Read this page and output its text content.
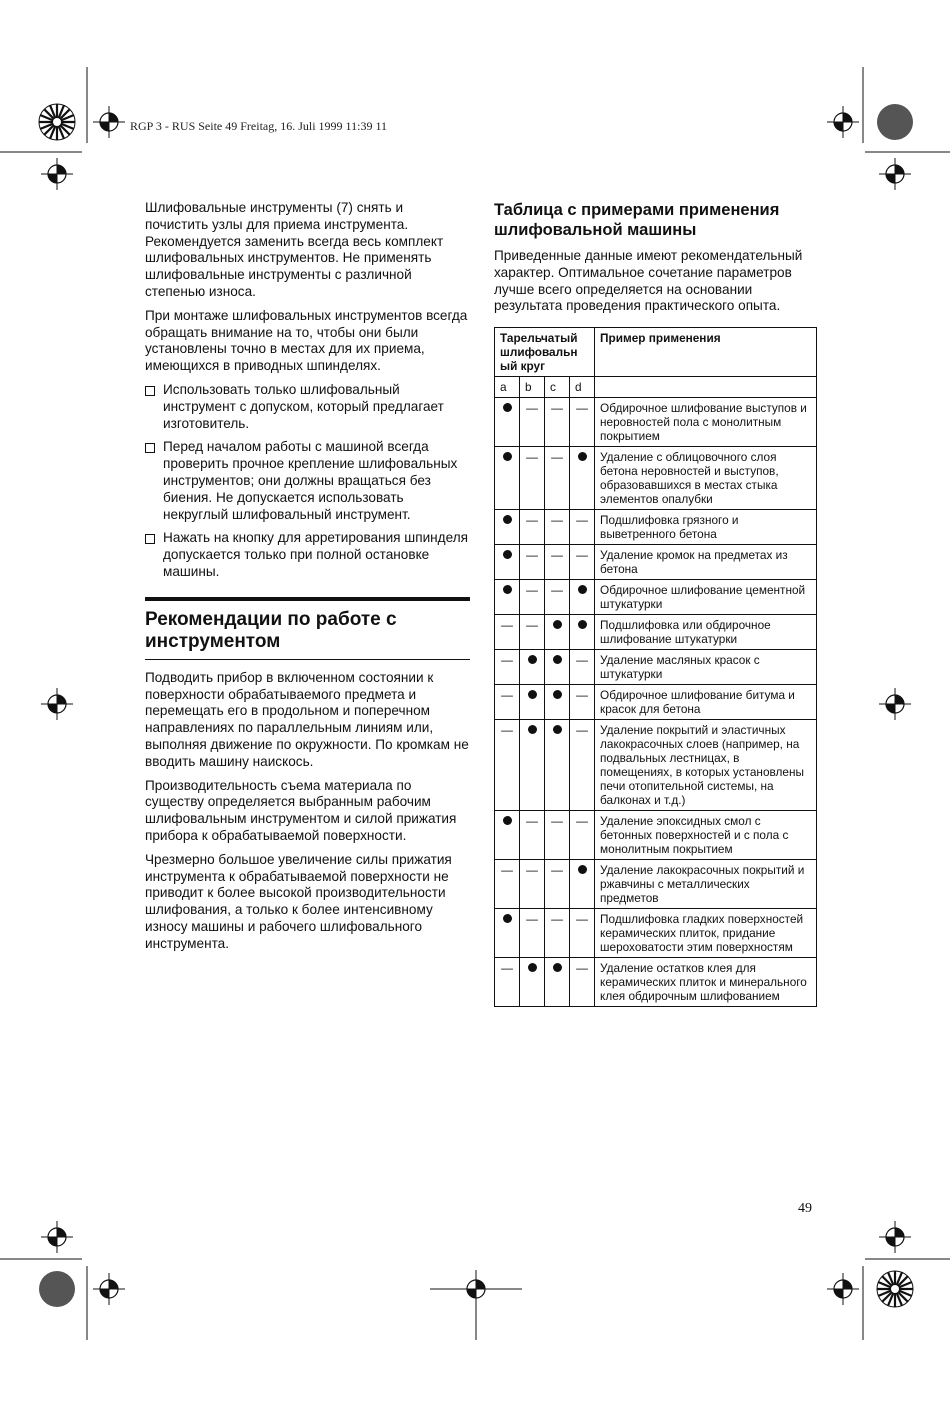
RGP 3 - RUS Seite 49 Freitag, 16. Juli 1999 11:39 11

Шлифовальные инструменты (7) снять и почистить узлы для приема инструмента. Рекомендуется заменить всегда весь комплект шлифовальных инструментов. Не применять шлифовальные инструменты с различной степенью износа.

При монтаже шлифовальных инструментов всегда обращать внимание на то, чтобы они были установлены точно в местах для их приема, имеющихся в приводных шпинделях.

Использовать только шлифовальный инструмент с допуском, который предлагает изготовитель.
Перед началом работы с машиной всегда проверить прочное крепление шлифовальных инструментов; они должны вращаться без биения. Не допускается использовать некруглый шлифовальный инструмент.
Нажать на кнопку для арретирования шпинделя допускается только при полной остановке машины.
Рекомендации по работе с инструментом

Подводить прибор в включенном состоянии к поверхности обрабатываемого предмета и перемещать его в продольном и поперечном направлениях по параллельным линиям или, выполняя движение по окружности. По кромкам не вводить машину наискось.

Производительность съема материала по существу определяется выбранным рабочим шлифовальным инструментом и силой прижатия прибора к обрабатываемой поверхности.

Чрезмерно большое увеличение силы прижатия инструмента к обрабатываемой поверхности не приводит к более высокой производительности шлифования, а только к более интенсивному износу машины и рабочего шлифовального инструмента.

Таблица с примерами применения шлифовальной машины

Приведенные данные имеют рекомендательный характер. Оптимальное сочетание параметров лучше всего определяется на основании результата проведения практического опыта.

Тарельчатый шлифовальн ый круг				Пример применения
a	b	c	d	
	—	—	—	Обдирочное шлифование выступов и неровностей пола с монолитным покрытием
	—	—		Удаление с облицовочного слоя бетона неровностей и выступов, образовавшихся в местах стыка элементов опалубки
	—	—	—	Подшлифовка грязного и выветренного бетона
	—	—	—	Удаление кромок на предметах из бетона
	—	—		Обдирочное шлифование цементной штукатурки
—	—			Подшлифовка или обдирочное шлифование штукатурки
—			—	Удаление масляных красок с штукатурки
—			—	Обдирочное шлифование битума и красок для бетона
—			—	Удаление покрытий и эластичных лакокрасочных слоев (например, на подвальных лестницах, в помещениях, в которых установлены печи отопительной системы, на балконах и т.д.)
	—	—	—	Удаление эпоксидных смол с бетонных поверхностей и с пола с монолитным покрытием
—	—	—		Удаление лакокрасочных покрытий и ржавчины с металлических предметов
	—	—	—	Подшлифовка гладких поверхностей керамических плиток, придание шероховатости этим поверхностям
—			—	Удаление остатков клея для керамических плиток и минерального клея обдирочным шлифованием
49
